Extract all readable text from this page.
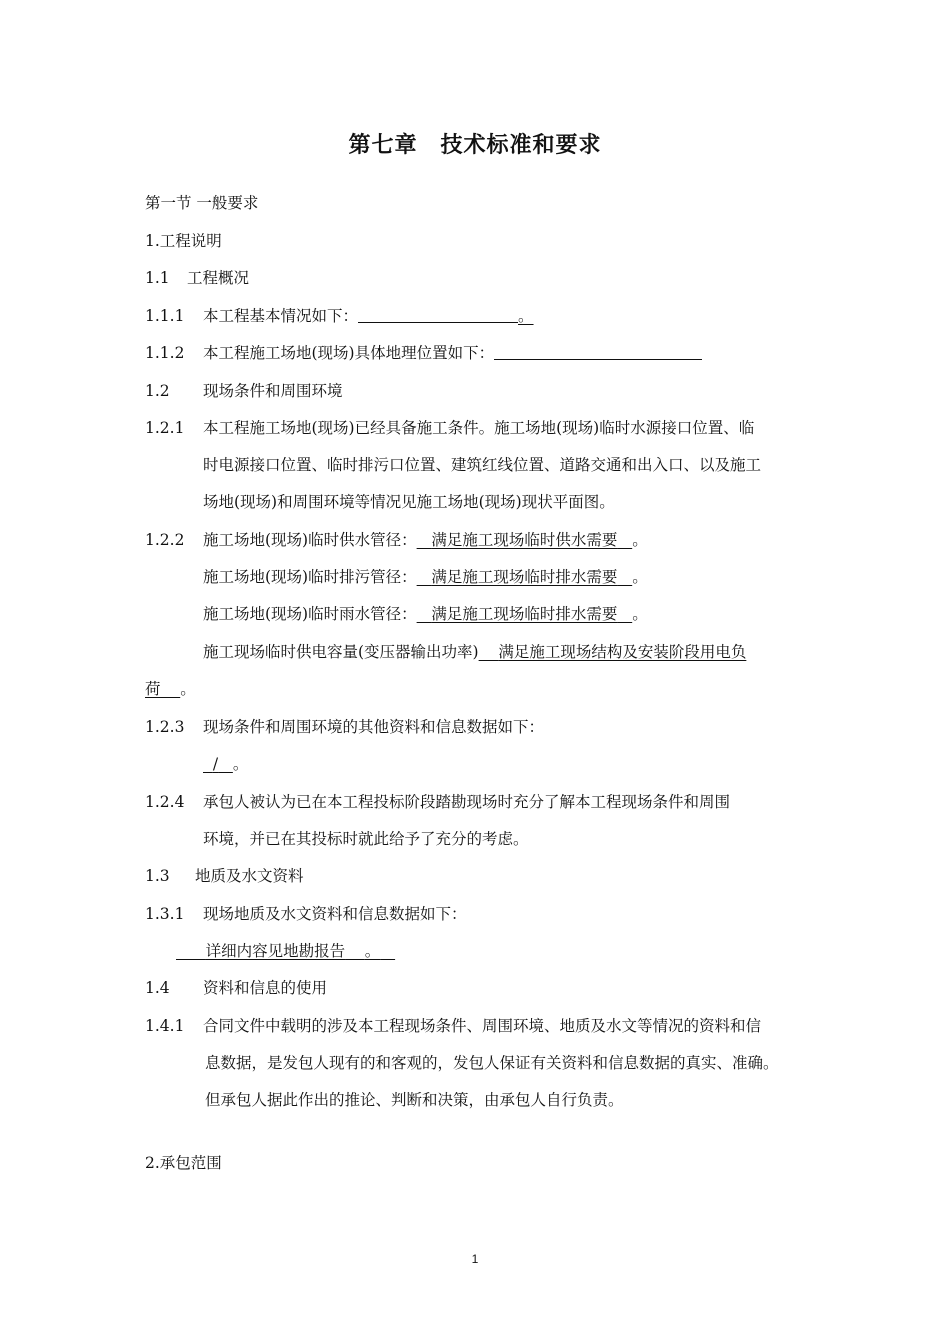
第七章　技术标准和要求
第一节 一般要求
1.工程说明
1.1 工程概况
1.1.1 本工程基本情况如下：	。
1.1.2 本工程施工场地(现场)具体地理位置如下：
1.2 现场条件和周围环境
1.2.1 本工程施工场地(现场)已经具备施工条件。施工场地(现场)临时水源接口位置、临
时电源接口位置、临时排污口位置、建筑红线位置、道路交通和出入口、以及施工
场地(现场)和周围环境等情况见施工场地(现场)现状平面图。
1.2.2 施工场地(现场)临时供水管径： 满足施工现场临时供水需要 。
施工场地(现场)临时排污管径： 满足施工现场临时排水需要 。
施工场地(现场)临时雨水管径： 满足施工现场临时排水需要 。
施工现场临时供电容量(变压器输出功率) 满足施工现场结构及安装阶段用电负
荷 。
1.2.3 现场条件和周围环境的其他资料和信息数据如下：
/ 。
1.2.4 承包人被认为已在本工程投标阶段踏勘现场时充分了解本工程现场条件和周围
环境，并已在其投标时就此给予了充分的考虑。
1.3 地质及水文资料
1.3.1 现场地质及水文资料和信息数据如下：
详细内容见地勘报告 。
1.4 资料和信息的使用
1.4.1 合同文件中载明的涉及本工程现场条件、周围环境、地质及水文等情况的资料和信
息数据，是发包人现有的和客观的，发包人保证有关资料和信息数据的真实、准确。
但承包人据此作出的推论、判断和决策，由承包人自行负责。
2.承包范围
1
